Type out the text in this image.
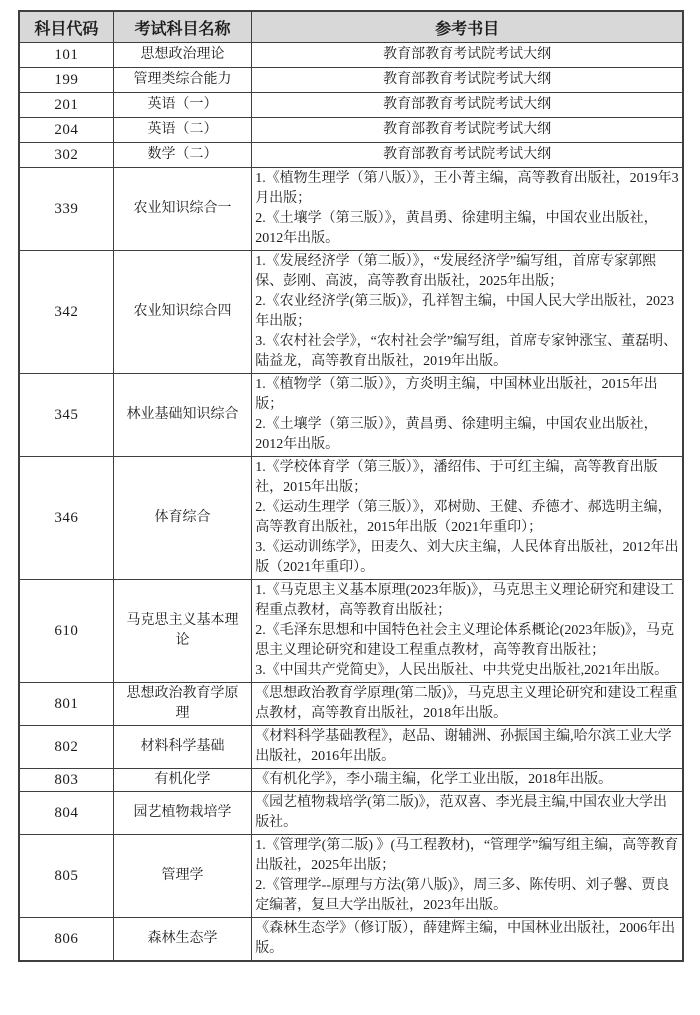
科目代码	考试科目名称	参考书目
101	思想政治理论	教育部教育考试院考试大纲

199	管理类综合能力	教育部教育考试院考试大纲

201	英语（一）	教育部教育考试院考试大纲

204	英语（二）	教育部教育考试院考试大纲

302	数学（二）	教育部教育考试院考试大纲

339	农业知识综合一	1.《植物生理学（第八版）》，王小菁主编，高等教育出版社，2019年3月出版；
2.《土壤学（第三版）》，黄昌勇、徐建明主编，中国农业出版社，2012年出版。

342	农业知识综合四	1.《发展经济学（第二版）》，“发展经济学”编写组，首席专家郭熙保、彭刚、高波，高等教育出版社，2025年出版；
2.《农业经济学(第三版)》，孔祥智主编，中国人民大学出版社，2023年出版；
3.《农村社会学》，“农村社会学”编写组，首席专家钟涨宝、董磊明、陆益龙，高等教育出版社，2019年出版。

345	林业基础知识综合	1.《植物学（第二版）》，方炎明主编，中国林业出版社，2015年出版；
2.《土壤学（第三版）》，黄昌勇、徐建明主编，中国农业出版社，2012年出版。

346	体育综合	1.《学校体育学（第三版）》，潘绍伟、于可红主编，高等教育出版社，2015年出版；
2.《运动生理学（第三版）》，邓树勋、王健、乔德才、郝选明主编，高等教育出版社，2015年出版（2021年重印）；
3.《运动训练学》，田麦久、刘大庆主编，人民体育出版社，2012年出版（2021年重印）。

610	马克思主义基本理论	1.《马克思主义基本原理(2023年版)》，马克思主义理论研究和建设工程重点教材，高等教育出版社；
2.《毛泽东思想和中国特色社会主义理论体系概论(2023年版)》，马克思主义理论研究和建设工程重点教材，高等教育出版社；
3.《中国共产党简史》，人民出版社、中共党史出版社,2021年出版。

801	思想政治教育学原理	《思想政治教育学原理(第二版)》，马克思主义理论研究和建设工程重点教材，高等教育出版社，2018年出版。

802	材料科学基础	《材料科学基础教程》，赵品、谢辅洲、孙振国主编,哈尔滨工业大学出版社，2016年出版。

803	有机化学	《有机化学》，李小瑞主编，化学工业出版，2018年出版。

804	园艺植物栽培学	《园艺植物栽培学(第二版)》，范双喜、李光晨主编,中国农业大学出版社。

805	管理学	1.《管理学(第二版) 》(马工程教材)，“管理学”编写组主编，高等教育出版社，2025年出版；
2.《管理学--原理与方法(第八版)》，周三多、陈传明、刘子馨、贾良定编著，复旦大学出版社，2023年出版。

806	森林生态学	《森林生态学》（修订版），薛建辉主编，中国林业出版社，2006年出版。
